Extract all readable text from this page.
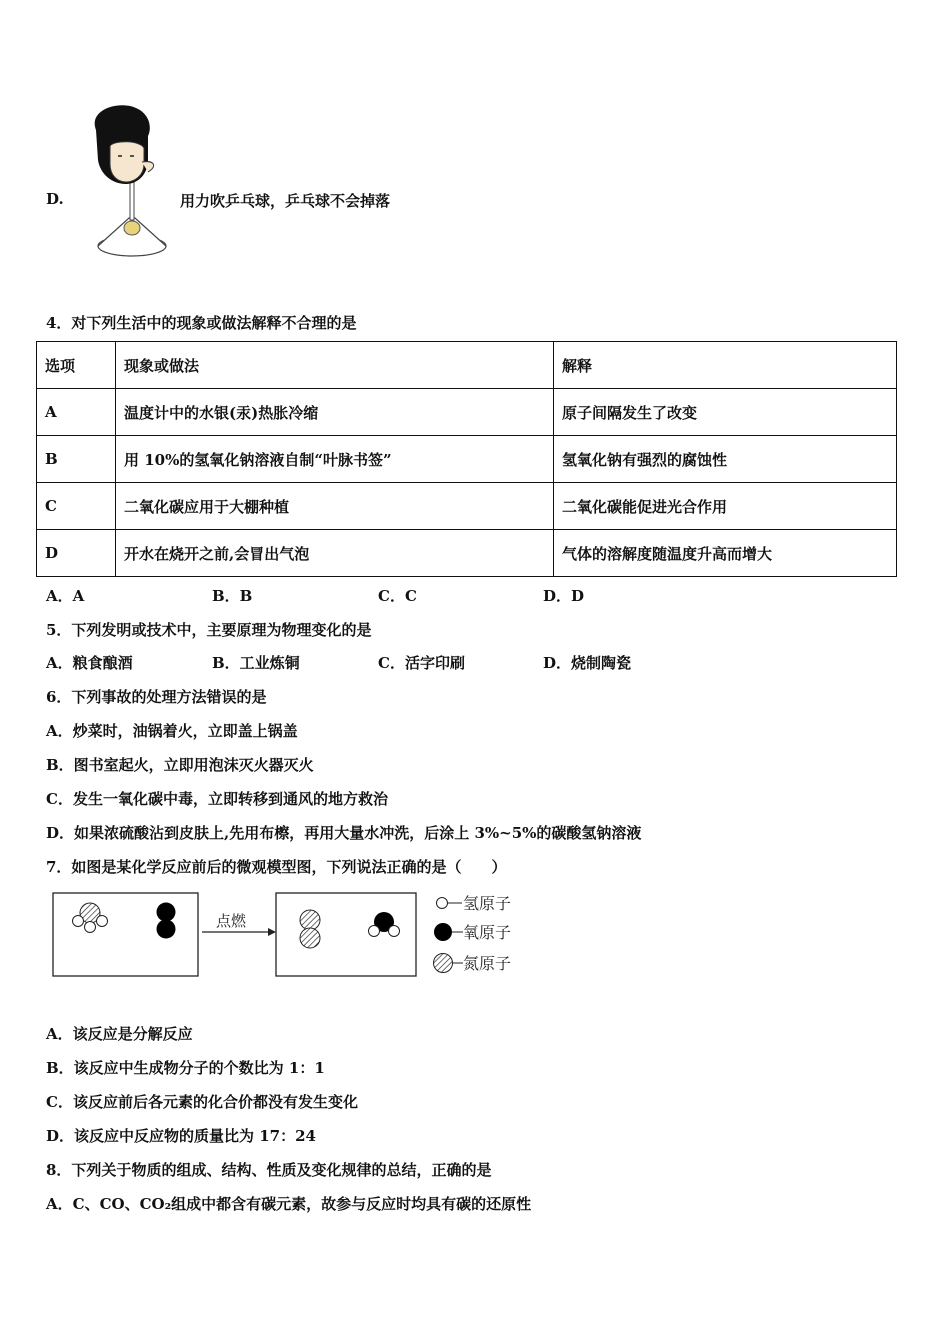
D.	用力吹乒乓球，乒乓球不会掉落
4．对下列生活中的现象或做法解释不合理的是
选项	现象或做法	解释
A	温度计中的水银(汞)热胀冷缩	原子间隔发生了改变
B	用 10%的氢氧化钠溶液自制“叶脉书签”	氢氧化钠有强烈的腐蚀性
C	二氧化碳应用于大棚种植	二氧化碳能促进光合作用
D	开水在烧开之前,会冒出气泡	气体的溶解度随温度升高而增大
A．A	B．B	C．C	D．D
5．下列发明或技术中，主要原理为物理变化的是
A．粮食酿酒	B．工业炼铜	C．活字印刷	D．烧制陶瓷
6．下列事故的处理方法错误的是
A．炒菜时，油锅着火，立即盖上锅盖
B．图书室起火，立即用泡沫灭火器灭火
C．发生一氧化碳中毒，立即转移到通风的地方救治
D．如果浓硫酸沾到皮肤上,先用布檫，再用大量水冲洗，后涂上 3%~5%的碳酸氢钠溶液
7．如图是某化学反应前后的微观模型图，下列说法正确的是（　　）
点燃
氢原子
氧原子
氮原子
A．该反应是分解反应
B．该反应中生成物分子的个数比为 1：1
C．该反应前后各元素的化合价都没有发生变化
D．该反应中反应物的质量比为 17：24
8．下列关于物质的组成、结构、性质及变化规律的总结，正确的是
A．C、CO、CO₂组成中都含有碳元素，故参与反应时均具有碳的还原性
